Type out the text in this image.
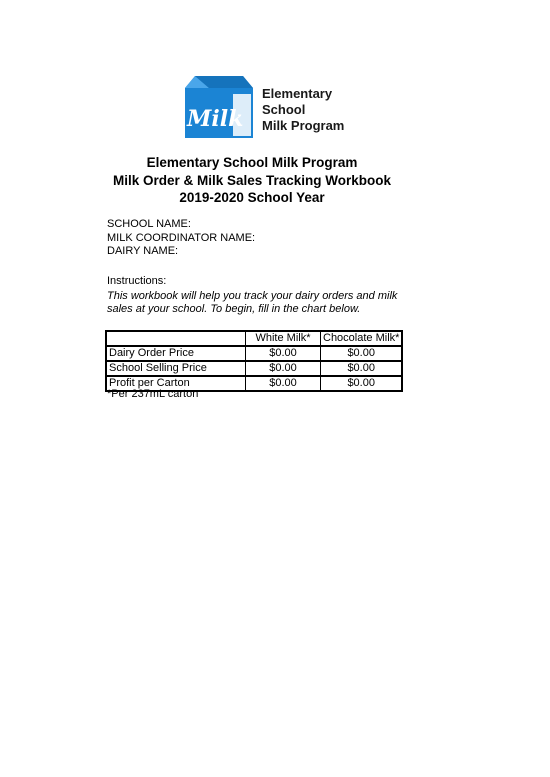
Milk
Elementary
School
Milk Program
Elementary School Milk Program
Milk Order & Milk Sales Tracking Workbook
2019-2020 School Year
SCHOOL NAME:
MILK COORDINATOR NAME:
DAIRY NAME:
Instructions:
This workbook will help you track your dairy orders and milk sales at your school. To begin, fill in the chart below.
	White Milk*	Chocolate Milk*
Dairy Order Price	$0.00	$0.00
School Selling Price	$0.00	$0.00
Profit per Carton	$0.00	$0.00
*Per 237mL carton
